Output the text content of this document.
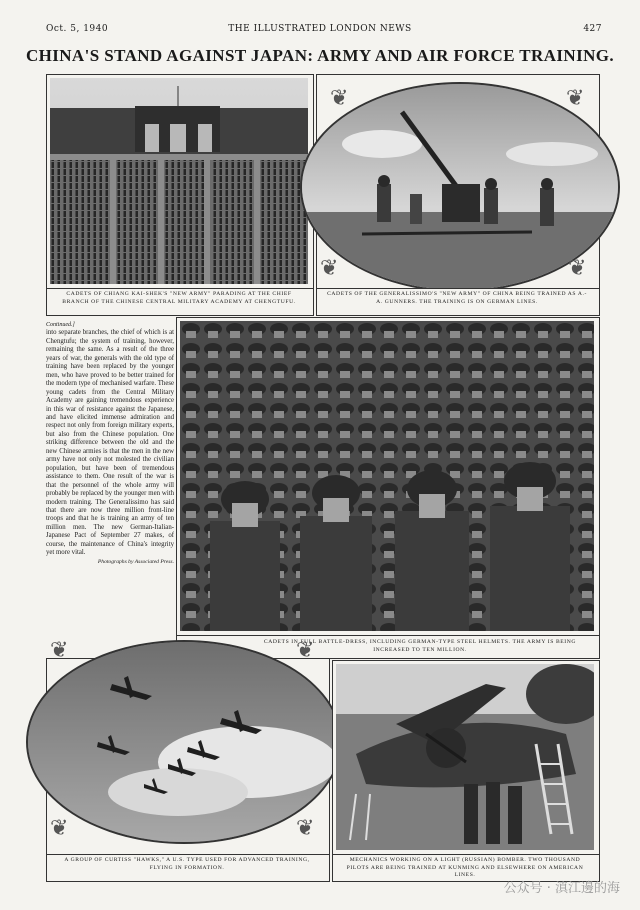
Oct. 5, 1940	THE ILLUSTRATED LONDON NEWS	427
CHINA'S STAND AGAINST JAPAN: ARMY AND AIR FORCE TRAINING.
CADETS OF CHIANG KAI-SHEK'S "NEW ARMY" PARADING AT THE CHIEF BRANCH OF THE CHINESE CENTRAL MILITARY ACADEMY AT CHENGTUFU.
❦	❦
❦	❦
CADETS OF THE GENERALISSIMO'S "NEW ARMY" OF CHINA BEING TRAINED AS A.-A. GUNNERS. THE TRAINING IS ON GERMAN LINES.

Continued.]

into separate branches, the chief of which is at Chengtufu; the system of training, however, remaining the same. As a result of the three years of war, the generals with the old type of training have been replaced by the younger men, who have proved to be better trained for the modern type of mechanised warfare. These young cadets from the Central Military Academy are gaining tremendous experience in this war of resistance against the Japanese, and have elicited immense admiration and respect not only from foreign military experts, but also from the Chinese population. One striking difference between the old and the new Chinese armies is that the men in the new army have not only not molested the civilian population, but have been of tremendous assistance to them. One result of the war is that the personnel of the whole army will probably be replaced by the younger men with modern training. The Generalissimo has said that there are now three million front-line troops and that he is training an army of ten million men. The new German-Italian-Japanese Pact of September 27 makes, of course, the maintenance of China's integrity yet more vital.

Photographs by Associated Press.

CADETS IN FULL BATTLE-DRESS, INCLUDING GERMAN-TYPE STEEL HELMETS. THE ARMY IS BEING INCREASED TO TEN MILLION.
❦	❦
❦	❦
A GROUP OF CURTISS "HAWKS," A U.S. TYPE USED FOR ADVANCED TRAINING, FLYING IN FORMATION.
MECHANICS WORKING ON A LIGHT (RUSSIAN) BOMBER. TWO THOUSAND PILOTS ARE BEING TRAINED AT KUNMING AND ELSEWHERE ON AMERICAN LINES.
公众号 · 滇江邊的海
